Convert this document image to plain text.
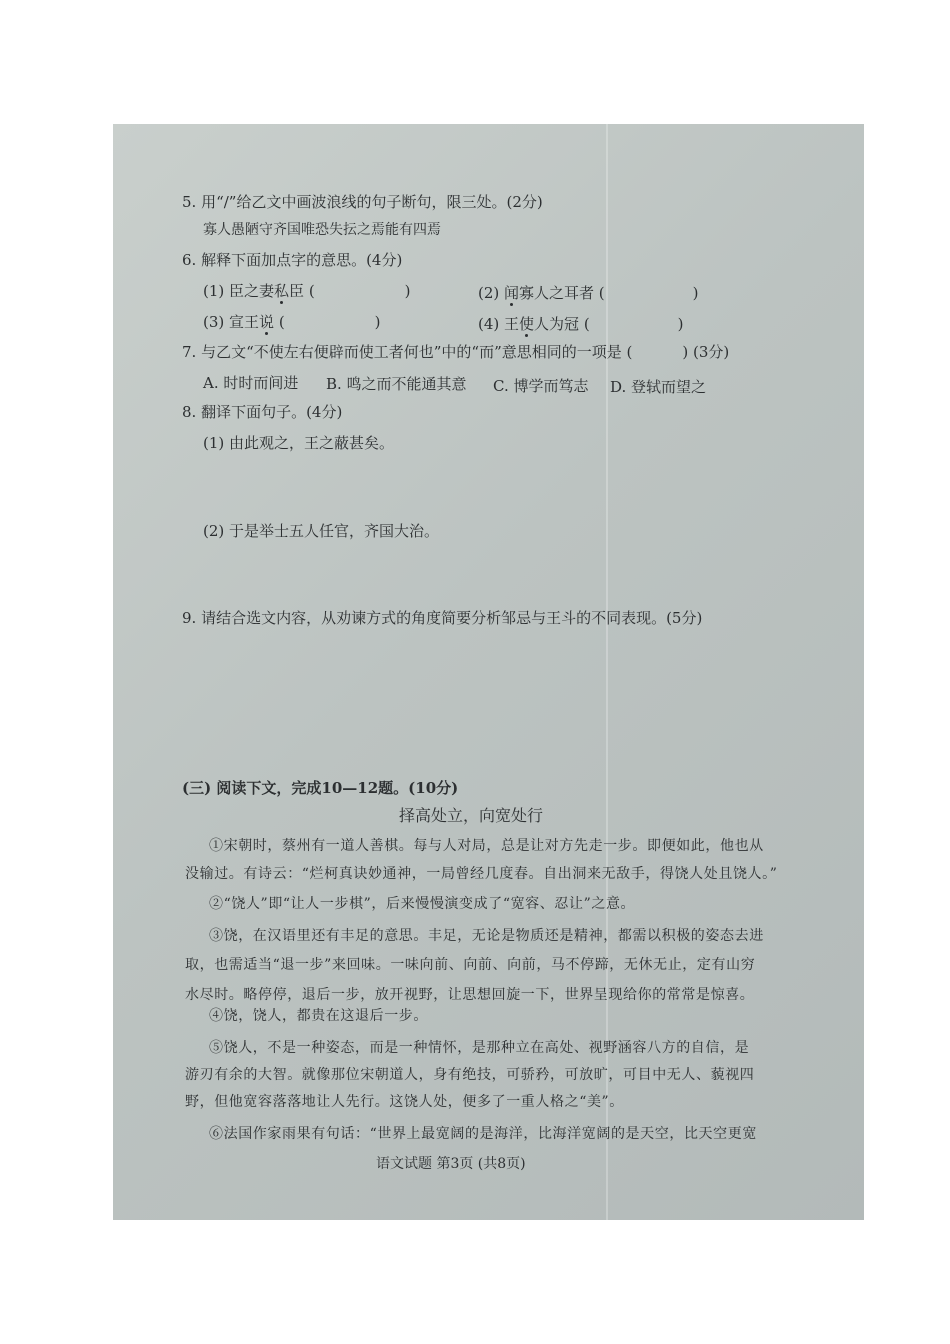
5. 用“/”给乙文中画波浪线的句子断句，限三处。(2分)
寡人愚陋守齐国唯恐失抎之焉能有四焉
6. 解释下面加点字的意思。(4分)
(1) 臣之妻私臣 (	)	(2) 闻寡人之耳者 (	)
(3) 宣王说 (	)	(4) 王使人为冠 (	)
7. 与乙文“不使左右便辟而使工者何也”中的“而”意思相同的一项是 (	) (3分)
A. 时时而间进 B. 鸣之而不能通其意 C. 博学而笃志 D. 登轼而望之
8. 翻译下面句子。(4分)
(1) 由此观之，王之蔽甚矣。
(2) 于是举士五人任官，齐国大治。
9. 请结合选文内容，从劝谏方式的角度简要分析邹忌与王斗的不同表现。(5分)
(三) 阅读下文，完成10—12题。(10分)
择高处立，向宽处行
①宋朝时，蔡州有一道人善棋。每与人对局，总是让对方先走一步。即便如此，他也从
没输过。有诗云：“烂柯真诀妙通神，一局曾经几度春。自出洞来无敌手，得饶人处且饶人。”
②“饶人”即“让人一步棋”，后来慢慢演变成了“宽容、忍让”之意。
③饶，在汉语里还有丰足的意思。丰足，无论是物质还是精神，都需以积极的姿态去进
取，也需适当“退一步”来回味。一味向前、向前、向前，马不停蹄，无休无止，定有山穷
水尽时。略停停，退后一步，放开视野，让思想回旋一下，世界呈现给你的常常是惊喜。
④饶，饶人，都贵在这退后一步。
⑤饶人，不是一种姿态，而是一种情怀，是那种立在高处、视野涵容八方的自信，是
游刃有余的大智。就像那位宋朝道人，身有绝技，可骄矜，可放旷，可目中无人、藐视四
野，但他宽容落落地让人先行。这饶人处，便多了一重人格之“美”。
⑥法国作家雨果有句话：“世界上最宽阔的是海洋，比海洋宽阔的是天空，比天空更宽
语文试题 第3页 (共8页)
